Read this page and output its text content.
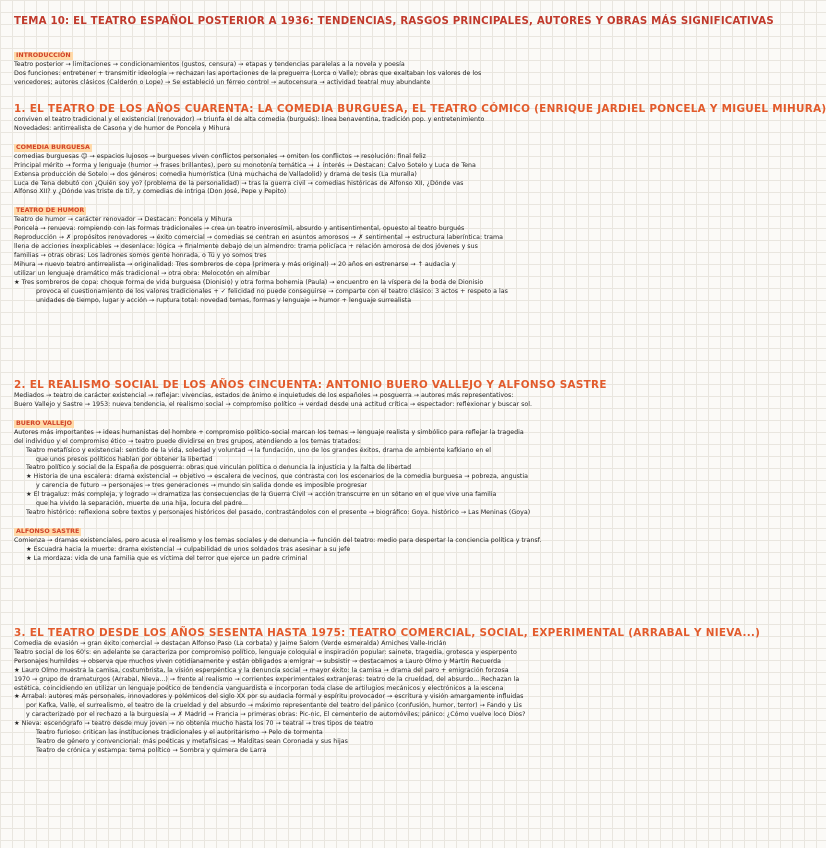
TEMA 10: EL TEATRO ESPAÑOL POSTERIOR A 1936: TENDENCIAS, RASGOS PRINCIPALES, AUTORES Y OBRAS MÁS SIGNIFICATIVAS
INTRODUCCIÓN
Teatro posterior → limitaciones → condicionamientos (gustos, censura) → etapas y tendencias paralelas a la novela y poesía
Dos funciones: entretener + transmitir ideología → rechazan las aportaciones de la preguerra (Lorca o Valle); obras que exaltaban los valores de los
vencedores; autores clásicos (Calderón o Lope) → Se estableció un férreo control → autocensura → actividad teatral muy abundante
1. EL TEATRO DE LOS AÑOS CUARENTA: LA COMEDIA BURGUESA, EL TEATRO CÓMICO (ENRIQUE JARDIEL PONCELA Y MIGUEL MIHURA)
conviven el teatro tradicional y el existencial (renovador) → triunfa el de alta comedia (burgués): línea benaventina, tradición pop. y entretenimiento
Novedades: antirrealista de Casona y de humor de Poncela y Mihura
COMEDIA BURGUESA
comedias burguesas ☺ → espacios lujosos → burgueses viven conflictos personales → omiten los conflictos → resolución: final feliz
Principal mérito → forma y lenguaje (humor → frases brillantes), pero su monotonía temática → ↓ interés → Destacan: Calvo Sotelo y Luca de Tena
Extensa producción de Sotelo → dos géneros: comedia humorística (Una muchacha de Valladolid) y drama de tesis (La muralla)
Luca de Tena debutó con ¿Quién soy yo? (problema de la personalidad) → tras la guerra civil → comedias históricas de Alfonso XII, ¿Dónde vas
Alfonso XII? y ¿Dónde vas triste de ti?, y comedias de intriga (Don José, Pepe y Pepito)
TEATRO DE HUMOR
Teatro de humor → carácter renovador → Destacan: Poncela y Mihura
Poncela → renueva: rompiendo con las formas tradicionales → crea un teatro inverosímil, absurdo y antisentimental, opuesto al teatro burgués
Reproducción → ✗ propósitos renovadores → éxito comercial → comedias se centran en asuntos amorosos → ✗ sentimental → estructura laberíntica: trama
llena de acciones inexplicables → desenlace: lógica → finalmente debajo de un almendro: trama policíaca + relación amorosa de dos jóvenes y sus
familias → otras obras: Los ladrones somos gente honrada, o Tú y yo somos tres
Mihura → nuevo teatro antirrealista → originalidad: Tres sombreros de copa (primera y más original) → 20 años en estrenarse → ↑ audacia y
utilizar un lenguaje dramático más tradicional → otra obra: Melocotón en almíbar
★ Tres sombreros de copa: choque forma de vida burguesa (Dionisio) y otra forma bohemia (Paula) → encuentro en la víspera de la boda de Dionisio
provoca el cuestionamiento de los valores tradicionales + ✓ felicidad no puede conseguirse → comparte con el teatro clásico: 3 actos + respeto a las
unidades de tiempo, lugar y acción → ruptura total: novedad temas, formas y lenguaje → humor + lenguaje surrealista
2. EL REALISMO SOCIAL DE LOS AÑOS CINCUENTA: ANTONIO BUERO VALLEJO Y ALFONSO SASTRE
Mediados → teatro de carácter existencial → reflejar: vivencias, estados de ánimo e inquietudes de los españoles → posguerra → autores más representativos:
Buero Vallejo y Sastre → 1953: nueva tendencia, el realismo social → compromiso político → verdad desde una actitud crítica → espectador: reflexionar y buscar sol.
BUERO VALLEJO
Autores más importantes → ideas humanistas del hombre + compromiso político-social marcan los temas → lenguaje realista y simbólico para reflejar la tragedia
del individuo y el compromiso ético → teatro puede dividirse en tres grupos, atendiendo a los temas tratados:
Teatro metafísico y existencial: sentido de la vida, soledad y voluntad → la fundación, uno de los grandes éxitos, drama de ambiente kafkiano en el
que unos presos políticos hablan por obtener la libertad
Teatro político y social de la España de posguerra: obras que vinculan política o denuncia la injusticia y la falta de libertad
★ Historia de una escalera: drama existencial → objetivo → escalera de vecinos, que contrasta con los escenarios de la comedia burguesa → pobreza, angustia
y carencia de futuro → personajes → tres generaciones → mundo sin salida donde es imposible progresar
★ El tragaluz: más compleja, y logrado → dramatiza las consecuencias de la Guerra Civil → acción transcurre en un sótano en el que vive una familia
que ha vivido la separación, muerte de una hija, locura del padre...
Teatro histórico: reflexiona sobre textos y personajes históricos del pasado, contrastándolos con el presente → biográfico: Goya. histórico → Las Meninas (Goya)
ALFONSO SASTRE
Comienza → dramas existenciales, pero acusa el realismo y los temas sociales y de denuncia → función del teatro: medio para despertar la conciencia política y transf.
★ Escuadra hacia la muerte: drama existencial → culpabilidad de unos soldados tras asesinar a su jefe
★ La mordaza: vida de una familia que es víctima del terror que ejerce un padre criminal
3. EL TEATRO DESDE LOS AÑOS SESENTA HASTA 1975: TEATRO COMERCIAL, SOCIAL, EXPERIMENTAL (ARRABAL Y NIEVA...)
Comedia de evasión → gran éxito comercial → destacan Alfonso Paso (La corbata) y Jaime Salom (Verde esmeralda) Arniches Valle-Inclán
Teatro social de los 60's: en adelante se caracteriza por compromiso político, lenguaje coloquial e inspiración popular: sainete, tragedia, grotesca y esperpento
Personajes humildes → observa que muchos viven cotidianamente y están obligados a emigrar → subsistir → destacamos a Lauro Olmo y Martín Recuerda
★ Lauro Olmo muestra la camisa, costumbrista, la visión esperpéntica y la denuncia social → mayor éxito: la camisa → drama del paro + emigración forzosa
1970 → grupo de dramaturgos (Arrabal, Nieva...) → frente al realismo → corrientes experimentales extranjeras: teatro de la crueldad, del absurdo... Rechazan la
estética, coincidiendo en utilizar un lenguaje poético de tendencia vanguardista e incorporan toda clase de artilugios mecánicos y electrónicos a la escena
★ Arrabal: autores más personales, innovadores y polémicos del siglo XX por su audacia formal y espíritu provocador → escritura y visión amargamente influidas
por Kafka, Valle, el surrealismo, el teatro de la crueldad y del absurdo → máximo representante del teatro del pánico (confusión, humor, terror) → Fando y Lis
y caracterizado por el rechazo a la burguesía → ✗ Madrid → Francia → primeras obras: Pic-nic, El cementerio de automóviles; pánico: ¿Cómo vuelve loco Dios?
★ Nieva: escenógrafo → teatro desde muy joven → no obtenía mucho hasta los 70 → teatral → tres tipos de teatro
Teatro furioso: critican las instituciones tradicionales y el autoritarismo → Pelo de tormenta
Teatro de género y convencional: más poéticas y metafísicas → Malditas sean Coronada y sus hijas
Teatro de crónica y estampa: tema político → Sombra y quimera de Larra
